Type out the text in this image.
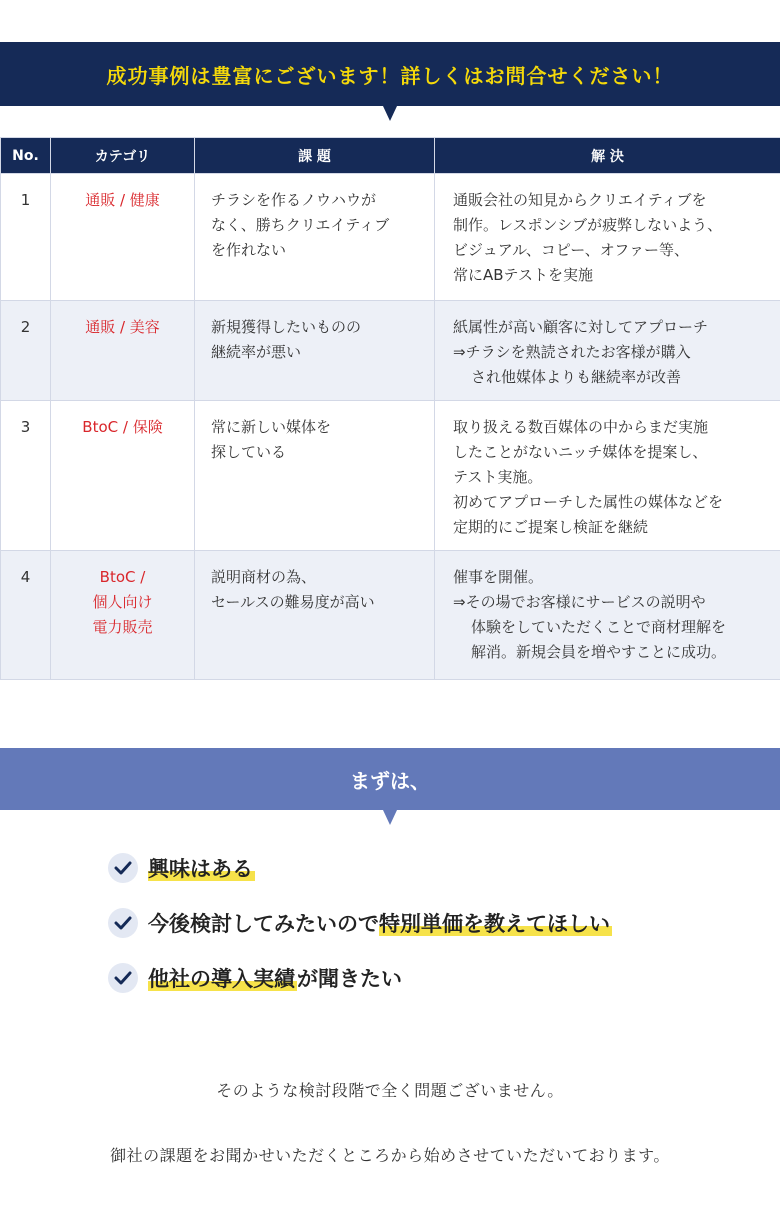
成功事例は豊富にございます！詳しくはお問合せください！
No.	カテゴリ	課 題	解 決
1	通販 / 健康	チラシを作るノウハウが
なく、勝ちクリエイティブ
を作れない	通販会社の知見からクリエイティブを
制作。レスポンシブが疲弊しないよう、
ビジュアル、コピー、オファー等、
常にABテストを実施

2	通販 / 美容	新規獲得したいものの
継続率が悪い	紙属性が高い顧客に対してアプローチ
⇒チラシを熟読されたお客様が購入
され他媒体よりも継続率が改善

3	BtoC / 保険	常に新しい媒体を
探している	取り扱える数百媒体の中からまだ実施
したことがないニッチ媒体を提案し、
テスト実施。
初めてアプローチした属性の媒体などを
定期的にご提案し検証を継続

4	BtoC /
個人向け
電力販売	説明商材の為、
セールスの難易度が高い	催事を開催。
⇒その場でお客様にサービスの説明や
体験をしていただくことで商材理解を
解消。新規会員を増やすことに成功。
まずは、
興味はある
今後検討してみたいので特別単価を教えてほしい
他社の導入実績が聞きたい

そのような検討段階で全く問題ございません。

御社の課題をお聞かせいただくところから始めさせていただいております。
